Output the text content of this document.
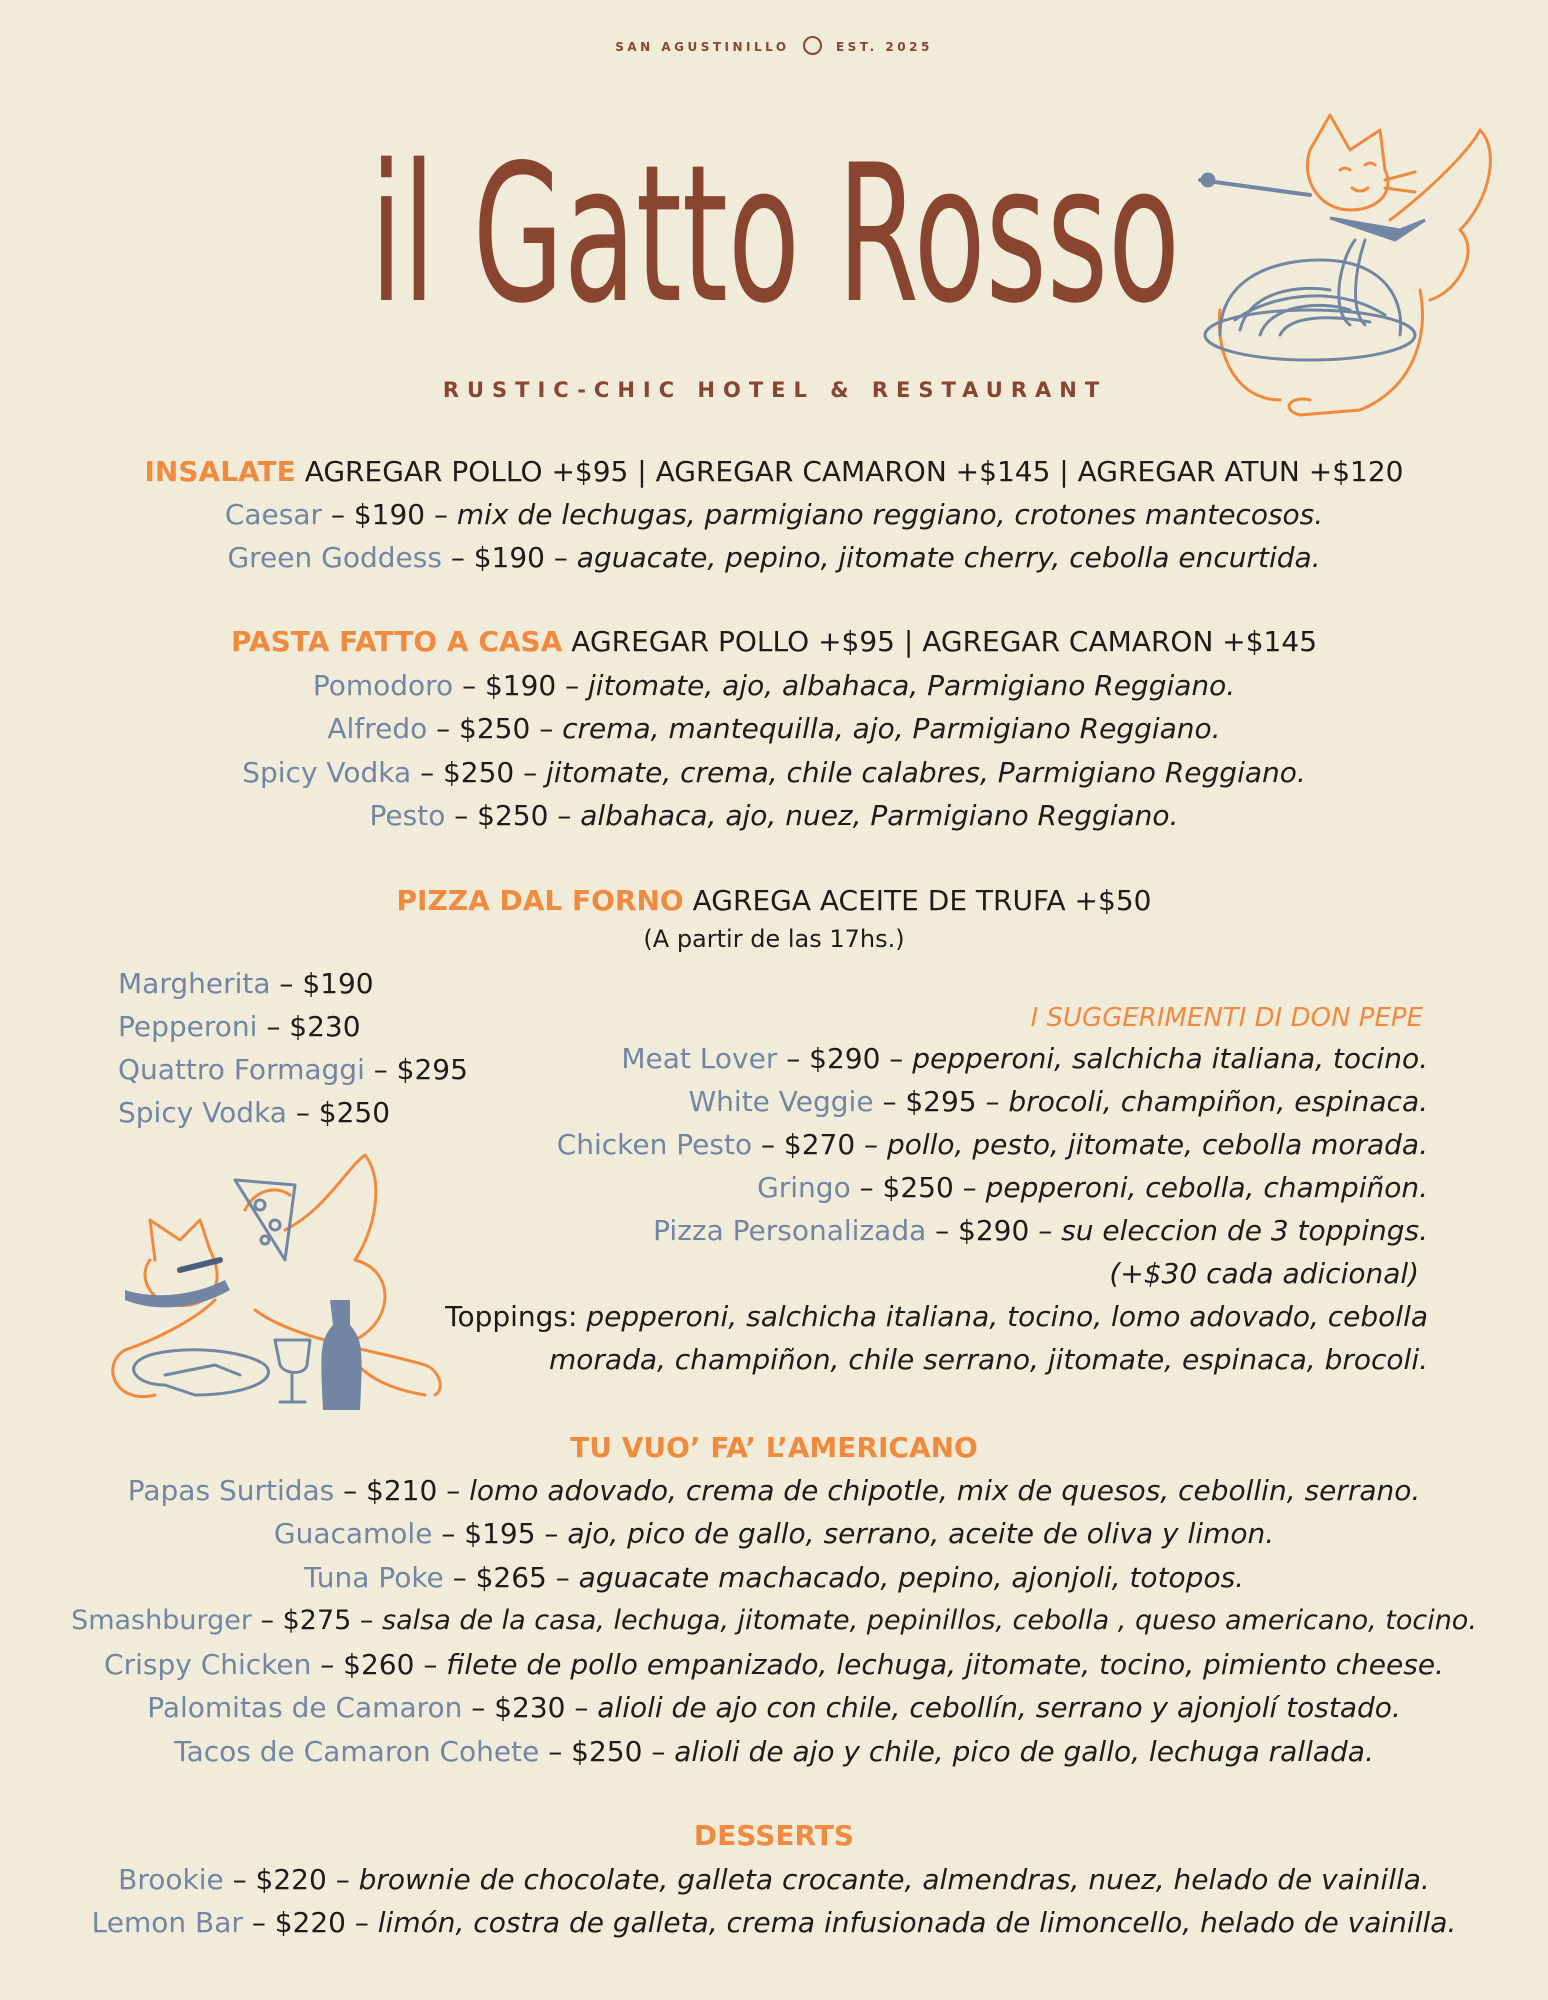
SAN AGUSTINILLO	EST. 2025
il Gatto Rosso
RUSTIC-CHIC HOTEL & RESTAURANT
INSALATE AGREGAR POLLO +$95 | AGREGAR CAMARON +$145 | AGREGAR ATUN +$120
Caesar – $190 – mix de lechugas, parmigiano reggiano, crotones mantecosos.
Green Goddess – $190 – aguacate, pepino, jitomate cherry, cebolla encurtida.
PASTA FATTO A CASA AGREGAR POLLO +$95 | AGREGAR CAMARON +$145
Pomodoro – $190 – jitomate, ajo, albahaca, Parmigiano Reggiano.
Alfredo – $250 – crema, mantequilla, ajo, Parmigiano Reggiano.
Spicy Vodka – $250 – jitomate, crema, chile calabres, Parmigiano Reggiano.
Pesto – $250 – albahaca, ajo, nuez, Parmigiano Reggiano.
PIZZA DAL FORNO AGREGA ACEITE DE TRUFA +$50
(A partir de las 17hs.)
Margherita – $190
Pepperoni – $230
Quattro Formaggi – $295
Spicy Vodka – $250
I SUGGERIMENTI DI DON PEPE
Meat Lover – $290 – pepperoni, salchicha italiana, tocino.
White Veggie – $295 – brocoli, champiñon, espinaca.
Chicken Pesto – $270 – pollo, pesto, jitomate, cebolla morada.
Gringo – $250 – pepperoni, cebolla, champiñon.
Pizza Personalizada – $290 – su eleccion de 3 toppings.
(+$30 cada adicional)
Toppings: pepperoni, salchicha italiana, tocino, lomo adovado, cebolla
morada, champiñon, chile serrano, jitomate, espinaca, brocoli.
TU VUO’ FA’ L’AMERICANO
Papas Surtidas – $210 – lomo adovado, crema de chipotle, mix de quesos, cebollin, serrano.
Guacamole – $195 – ajo, pico de gallo, serrano, aceite de oliva y limon.
Tuna Poke – $265 – aguacate machacado, pepino, ajonjoli, totopos.
Smashburger – $275 – salsa de la casa, lechuga, jitomate, pepinillos, cebolla , queso americano, tocino.
Crispy Chicken – $260 – filete de pollo empanizado, lechuga, jitomate, tocino, pimiento cheese.
Palomitas de Camaron – $230 – alioli de ajo con chile, cebollín, serrano y ajonjolí tostado.
Tacos de Camaron Cohete – $250 – alioli de ajo y chile, pico de gallo, lechuga rallada.
DESSERTS
Brookie – $220 – brownie de chocolate, galleta crocante, almendras, nuez, helado de vainilla.
Lemon Bar – $220 – limón, costra de galleta, crema infusionada de limoncello, helado de vainilla.
